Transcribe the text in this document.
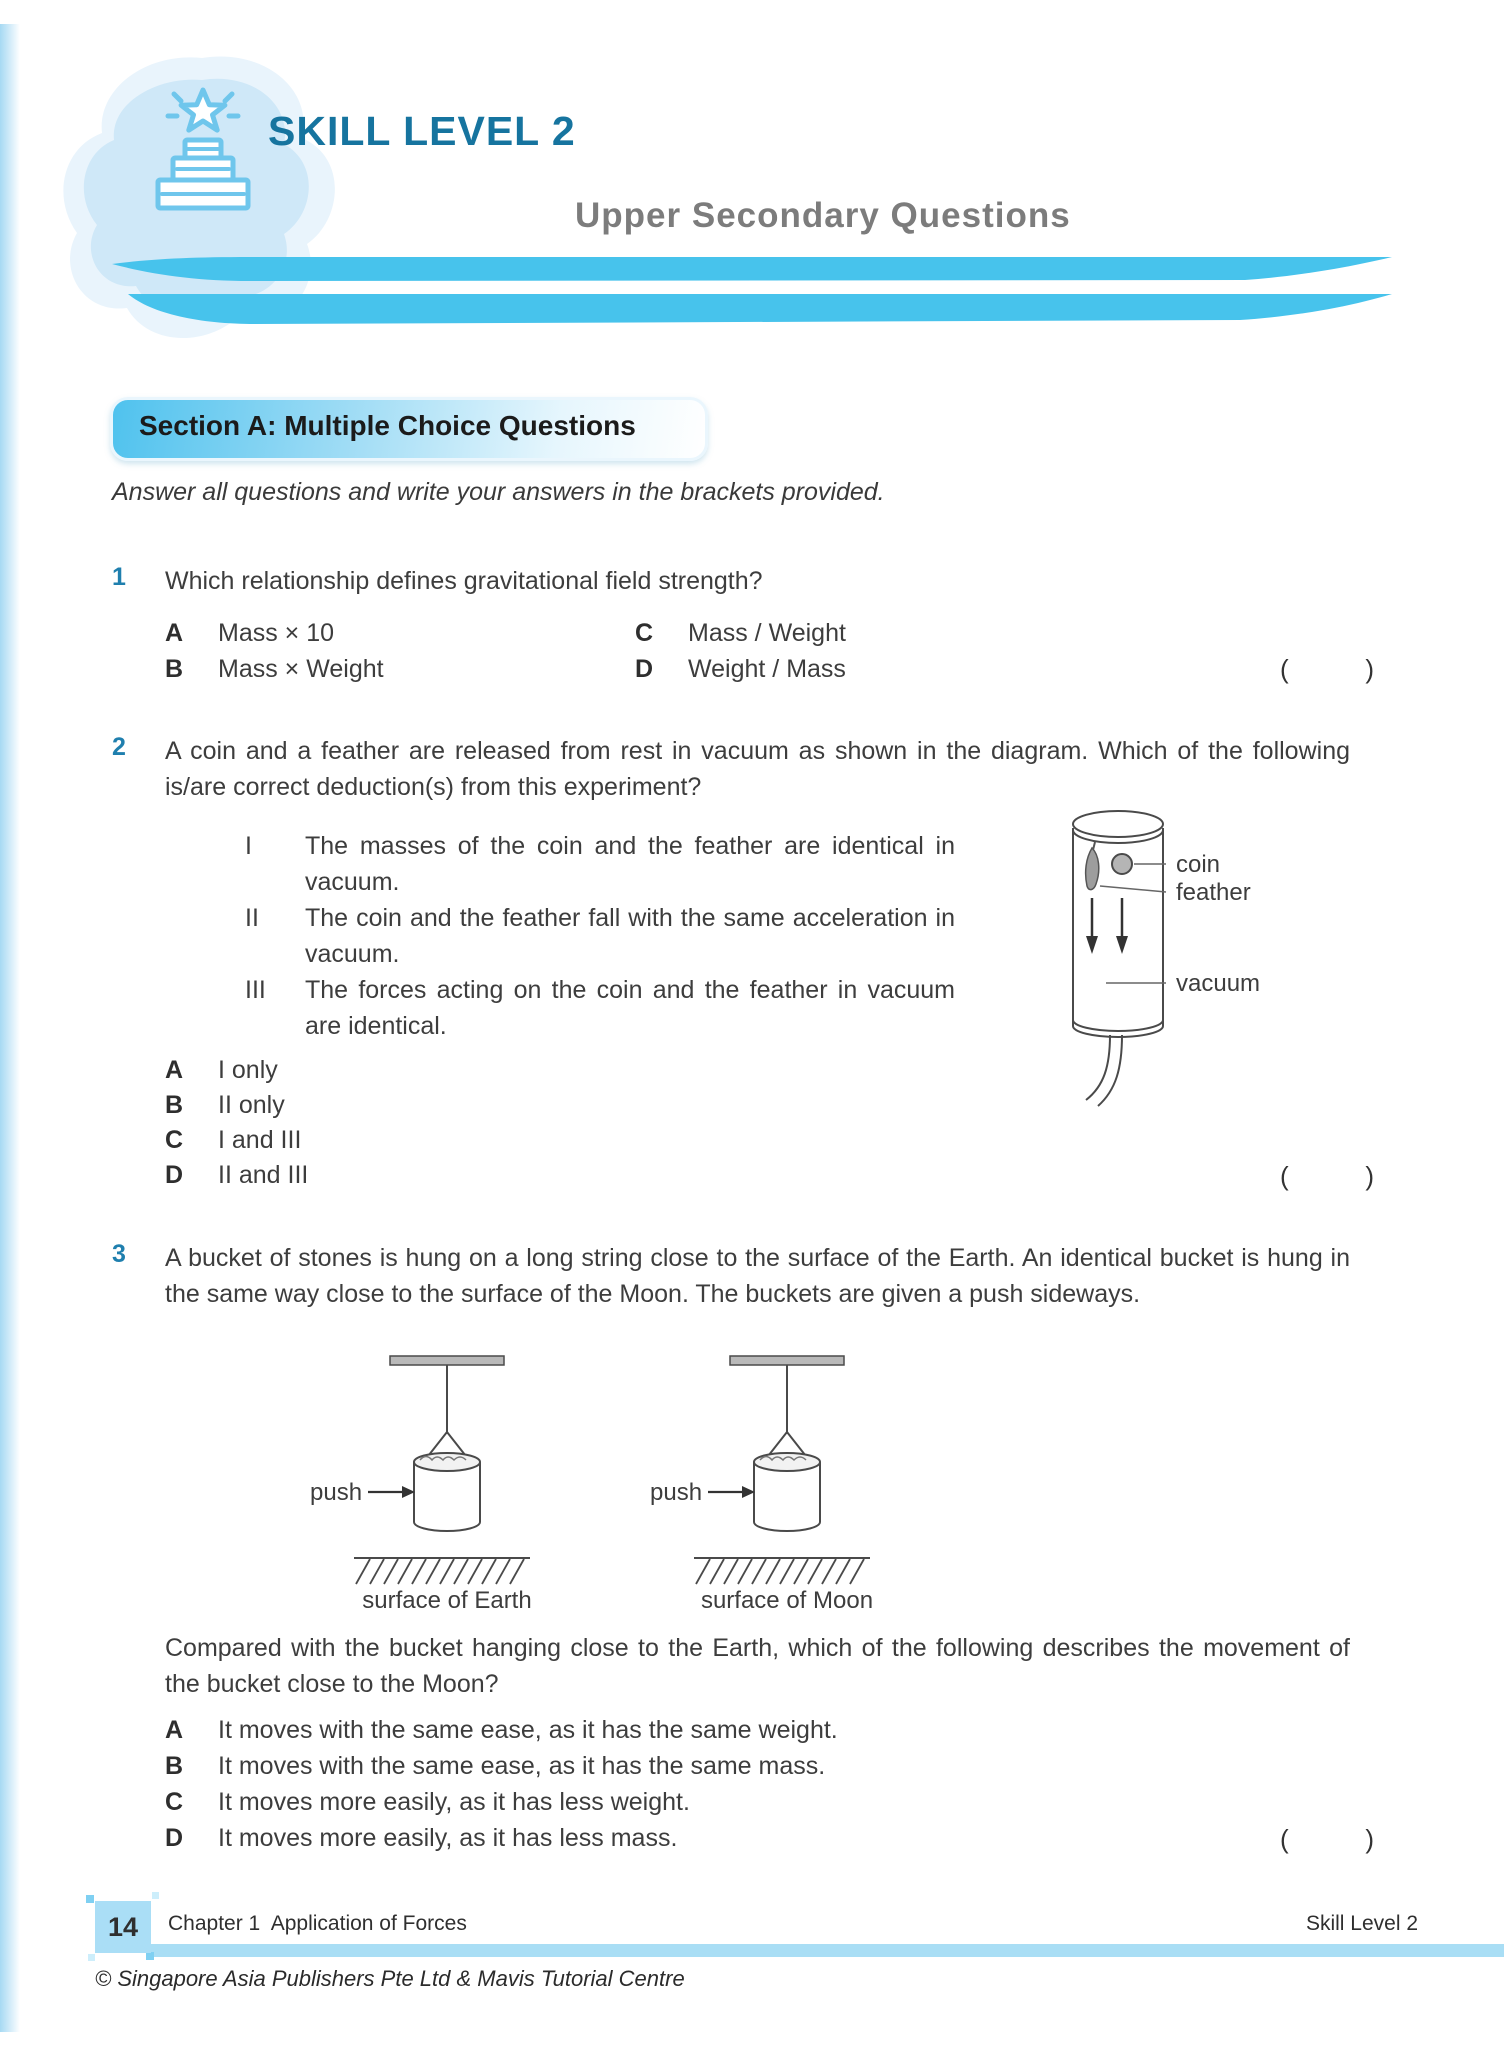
SKILL LEVEL 2
Upper Secondary Questions
Section A: Multiple Choice Questions
Answer all questions and write your answers in the brackets provided.
1 Which relationship defines gravitational field strength?

A	Mass × 10
B	Mass × Weight
C	Mass / Weight
D	Weight / Mass	(	)
2 A coin and a feather are released from rest in vacuum as shown in the diagram. Which of the following is/are correct deduction(s) from this experiment?

I	The masses of the coin and the feather are identical in vacuum.
II	The coin and the feather fall with the same acceleration in vacuum.
III	The forces acting on the coin and the feather in vacuum are identical.
A	I only
B	II only
C	I and III
D	II and III	(	)
coin
feather
vacuum
3 A bucket of stones is hung on a long string close to the surface of the Earth. An identical bucket is hung in the same way close to the surface of the Moon. The buckets are given a push sideways.

Compared with the bucket hanging close to the Earth, which of the following describes the movement of the bucket close to the Moon?

A	It moves with the same ease, as it has the same weight.
B	It moves with the same ease, as it has the same mass.
C	It moves more easily, as it has less weight.
D	It moves more easily, as it has less mass.	(	)
push
surface of Earth
push
surface of Moon
14	Chapter 1  Application of Forces	Skill Level 2
© Singapore Asia Publishers Pte Ltd & Mavis Tutorial Centre
